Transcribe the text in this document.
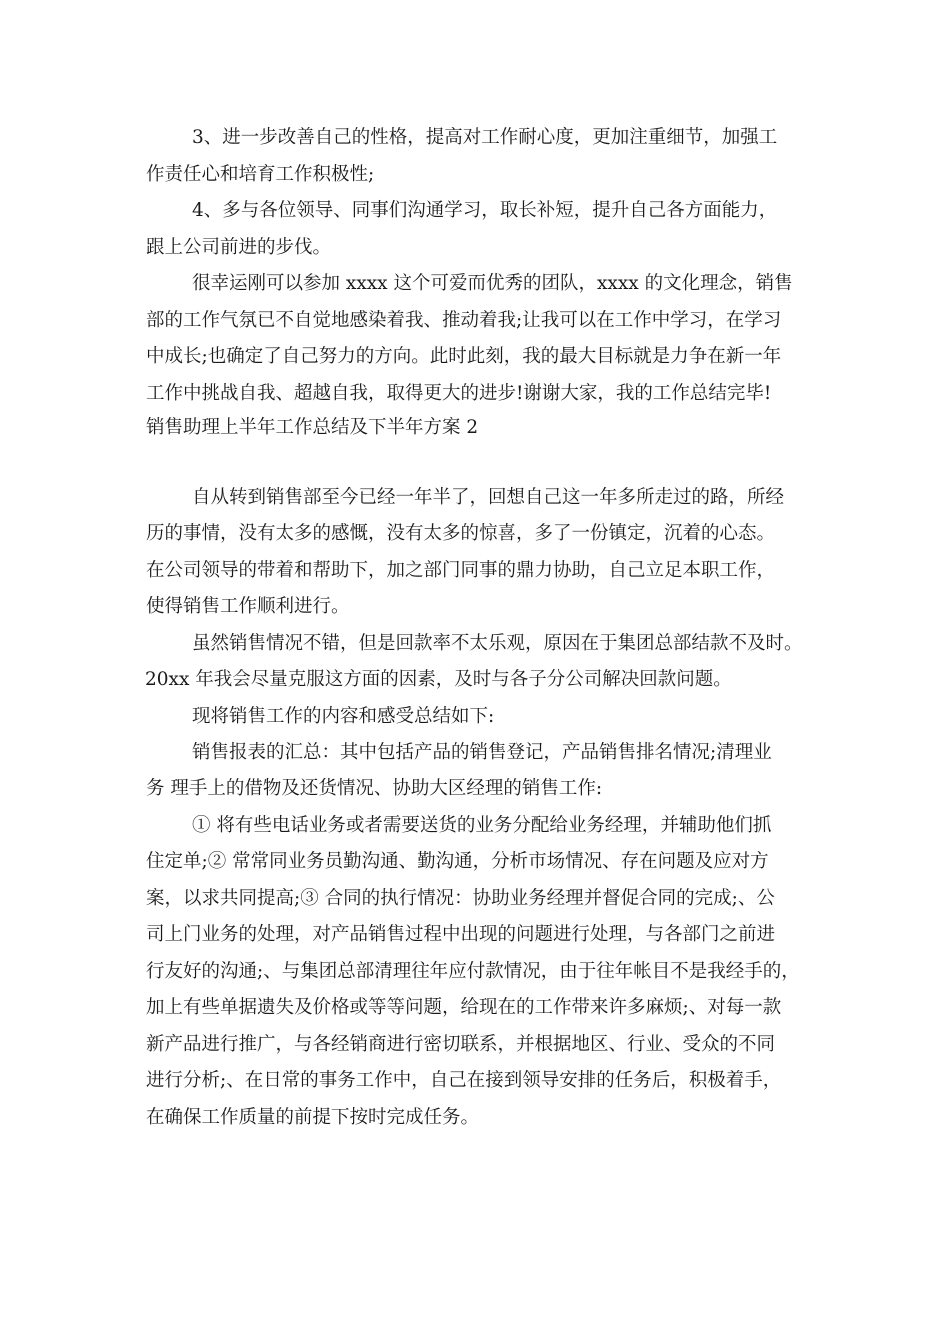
3、进一步改善自己的性格，提高对工作耐心度，更加注重细节，加强工

作责任心和培育工作积极性;

4、多与各位领导、同事们沟通学习，取长补短，提升自己各方面能力，

跟上公司前进的步伐。

很幸运刚可以参加 xxxx 这个可爱而优秀的团队，xxxx 的文化理念，销售

部的工作气氛已不自觉地感染着我、推动着我;让我可以在工作中学习，在学习

中成长;也确定了自己努力的方向。此时此刻，我的最大目标就是力争在新一年

工作中挑战自我、超越自我，取得更大的进步!谢谢大家，我的工作总结完毕!

销售助理上半年工作总结及下半年方案 2

自从转到销售部至今已经一年半了，回想自己这一年多所走过的路，所经

历的事情，没有太多的感慨，没有太多的惊喜，多了一份镇定，沉着的心态。

在公司领导的带着和帮助下，加之部门同事的鼎力协助，自己立足本职工作，

使得销售工作顺利进行。

虽然销售情况不错，但是回款率不太乐观，原因在于集团总部结款不及时。

20xx 年我会尽量克服这方面的因素，及时与各子分公司解决回款问题。

现将销售工作的内容和感受总结如下:

销售报表的汇总：其中包括产品的销售登记，产品销售排名情况;清理业

务 理手上的借物及还货情况、协助大区经理的销售工作:

① 将有些电话业务或者需要送货的业务分配给业务经理，并辅助他们抓

住定单;② 常常同业务员勤沟通、勤沟通，分析市场情况、存在问题及应对方

案，以求共同提高;③ 合同的执行情况：协助业务经理并督促合同的完成;、公

司上门业务的处理，对产品销售过程中出现的问题进行处理，与各部门之前进

行友好的沟通;、与集团总部清理往年应付款情况，由于往年帐目不是我经手的，

加上有些单据遗失及价格或等等问题，给现在的工作带来许多麻烦;、对每一款

新产品进行推广，与各经销商进行密切联系，并根据地区、行业、受众的不同

进行分析;、在日常的事务工作中，自己在接到领导安排的任务后，积极着手，

在确保工作质量的前提下按时完成任务。
